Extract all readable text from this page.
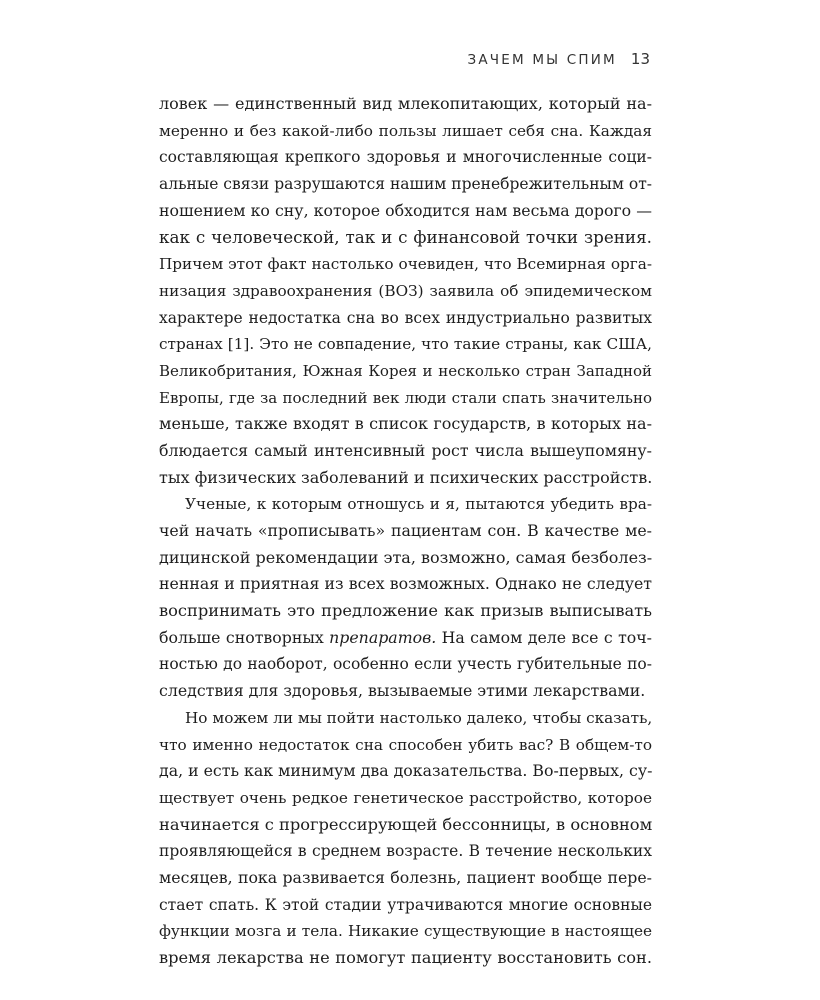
ЗАЧЕМ МЫ СПИМ 13
ловек — единственный вид млекопитающих, который на-
меренно и без какой-либо пользы лишает себя сна. Каждая
составляющая крепкого здоровья и многочисленные соци-
альные связи разрушаются нашим пренебрежительным от-
ношением ко сну, которое обходится нам весьма дорого —
как с человеческой, так и с финансовой точки зрения.
Причем этот факт настолько очевиден, что Всемирная орга-
низация здравоохранения (ВОЗ) заявила об эпидемическом
характере недостатка сна во всех индустриально развитых
странах [1]. Это не совпадение, что такие страны, как США,
Великобритания, Южная Корея и несколько стран Западной
Европы, где за последний век люди стали спать значительно
меньше, также входят в список государств, в которых на-
блюдается самый интенсивный рост числа вышеупомяну-
тых физических заболеваний и психических расстройств.
Ученые, к которым отношусь и я, пытаются убедить вра-
чей начать «прописывать» пациентам сон. В качестве ме-
дицинской рекомендации эта, возможно, самая безболез-
ненная и приятная из всех возможных. Однако не следует
воспринимать это предложение как призыв выписывать
больше снотворных препаратов. На самом деле все с точ-
ностью до наоборот, особенно если учесть губительные по-
следствия для здоровья, вызываемые этими лекарствами.
Но можем ли мы пойти настолько далеко, чтобы сказать,
что именно недостаток сна способен убить вас? В общем-то
да, и есть как минимум два доказательства. Во-первых, су-
ществует очень редкое генетическое расстройство, которое
начинается с прогрессирующей бессонницы, в основном
проявляющейся в среднем возрасте. В течение нескольких
месяцев, пока развивается болезнь, пациент вообще пере-
стает спать. К этой стадии утрачиваются многие основные
функции мозга и тела. Никакие существующие в настоящее
время лекарства не помогут пациенту восстановить сон.
